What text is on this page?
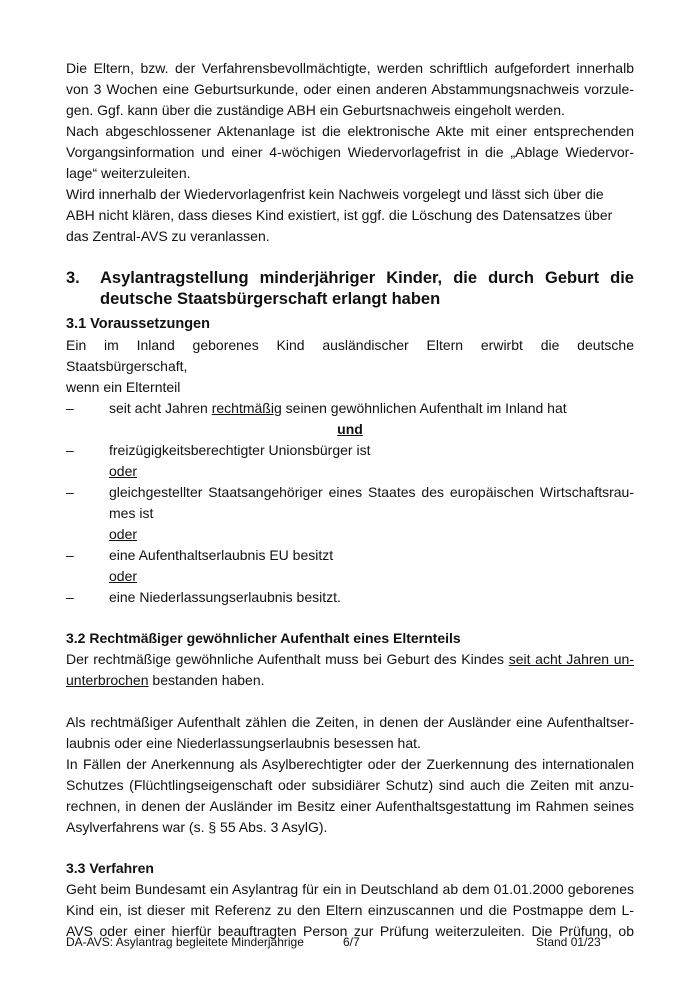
Die Eltern, bzw. der Verfahrensbevollmächtigte, werden schriftlich aufgefordert innerhalb

von 3 Wochen eine Geburtsurkunde, oder einen anderen Abstammungsnachweis vorzule-

gen. Ggf. kann über die zuständige ABH ein Geburtsnachweis eingeholt werden.

Nach abgeschlossener Aktenanlage ist die elektronische Akte mit einer entsprechenden

Vorgangsinformation und einer 4-wöchigen Wiedervorlagefrist in die „Ablage Wiedervor-

lage“ weiterzuleiten.

Wird innerhalb der Wiedervorlagenfrist kein Nachweis vorgelegt und lässt sich über die

ABH nicht klären, dass dieses Kind existiert, ist ggf. die Löschung des Datensatzes über

das Zentral-AVS zu veranlassen.

3.	Asylantragstellung minderjähriger Kinder, die durch Geburt die
deutsche Staatsbürgerschaft erlangt haben
3.1 Voraussetzungen

Ein im Inland geborenes Kind ausländischer Eltern erwirbt die deutsche Staatsbürgerschaft,

wenn ein Elternteil

–	seit acht Jahren rechtmäßig seinen gewöhnlichen Aufenthalt im Inland hat

und

–	freizügigkeitsberechtigter Unionsbürger ist

oder

–	gleichgestellter Staatsangehöriger eines Staates des europäischen Wirtschaftsrau-
mes ist

oder

–	eine Aufenthaltserlaubnis EU besitzt

oder

–	eine Niederlassungserlaubnis besitzt.
3.2 Rechtmäßiger gewöhnlicher Aufenthalt eines Elternteils

Der rechtmäßige gewöhnliche Aufenthalt muss bei Geburt des Kindes seit acht Jahren un-

unterbrochen bestanden haben.

Als rechtmäßiger Aufenthalt zählen die Zeiten, in denen der Ausländer eine Aufenthaltser-

laubnis oder eine Niederlassungserlaubnis besessen hat.

In Fällen der Anerkennung als Asylberechtigter oder der Zuerkennung des internationalen

Schutzes (Flüchtlingseigenschaft oder subsidiärer Schutz) sind auch die Zeiten mit anzu-

rechnen, in denen der Ausländer im Besitz einer Aufenthaltsgestattung im Rahmen seines

Asylverfahrens war (s. § 55 Abs. 3 AsylG).

3.3 Verfahren

Geht beim Bundesamt ein Asylantrag für ein in Deutschland ab dem 01.01.2000 geborenes

Kind ein, ist dieser mit Referenz zu den Eltern einzuscannen und die Postmappe dem L-

AVS oder einer hierfür beauftragten Person zur Prüfung weiterzuleiten. Die Prüfung, ob

DA-AVS: Asylantrag begleitete Minderjährige	6/7	Stand 01/23
